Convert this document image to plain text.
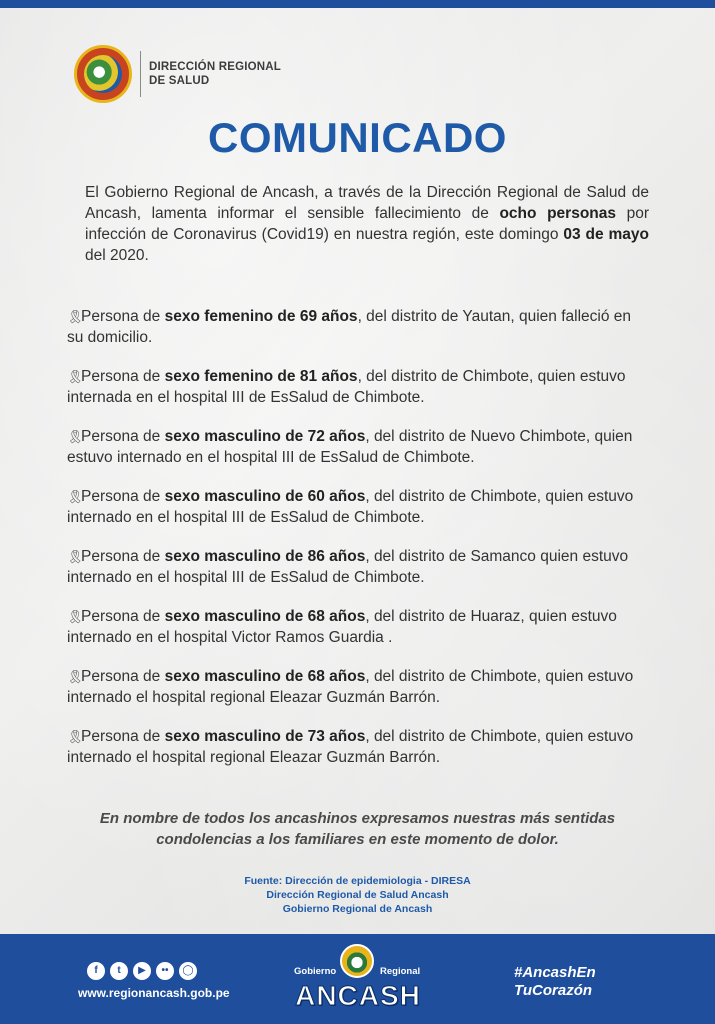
DIRECCIÓN REGIONAL
DE SALUD
COMUNICADO
El Gobierno Regional de Ancash, a través de la Dirección Regional de Salud de Ancash, lamenta informar el sensible fallecimiento de ocho personas por infección de Coronavirus (Covid19) en nuestra región, este domingo 03 de mayo del 2020.
🎗︎Persona de sexo femenino de 69 años, del distrito de Yautan, quien falleció en su domicilio.
🎗︎Persona de sexo femenino de 81 años, del distrito de Chimbote, quien estuvo internada en el hospital III de EsSalud de Chimbote.
🎗︎Persona de sexo masculino de 72 años, del distrito de Nuevo Chimbote, quien estuvo internado en el hospital III de EsSalud de Chimbote.
🎗︎Persona de sexo masculino de 60 años, del distrito de Chimbote, quien estuvo internado en el hospital III de EsSalud de Chimbote.
🎗︎Persona de sexo masculino de 86 años, del distrito de Samanco quien estuvo internado en el hospital III de EsSalud de Chimbote.
🎗︎Persona de sexo masculino de 68 años, del distrito de Huaraz, quien estuvo internado en el hospital Victor Ramos Guardia .
🎗︎Persona de sexo masculino de 68 años, del distrito de Chimbote, quien estuvo internado el hospital regional Eleazar Guzmán Barrón.
🎗︎Persona de sexo masculino de 73 años, del distrito de Chimbote, quien estuvo internado el hospital regional Eleazar Guzmán Barrón.
En nombre de todos los ancashinos expresamos nuestras más sentidas condolencias a los familiares en este momento de dolor.
Fuente: Dirección de epidemiologia - DIRESA
Dirección Regional de Salud Ancash
Gobierno Regional de Ancash
f	t	▶	••	◯
www.regionancash.gob.pe
Gobierno	Regional
ANCASH
#AncashEn
TuCorazón
